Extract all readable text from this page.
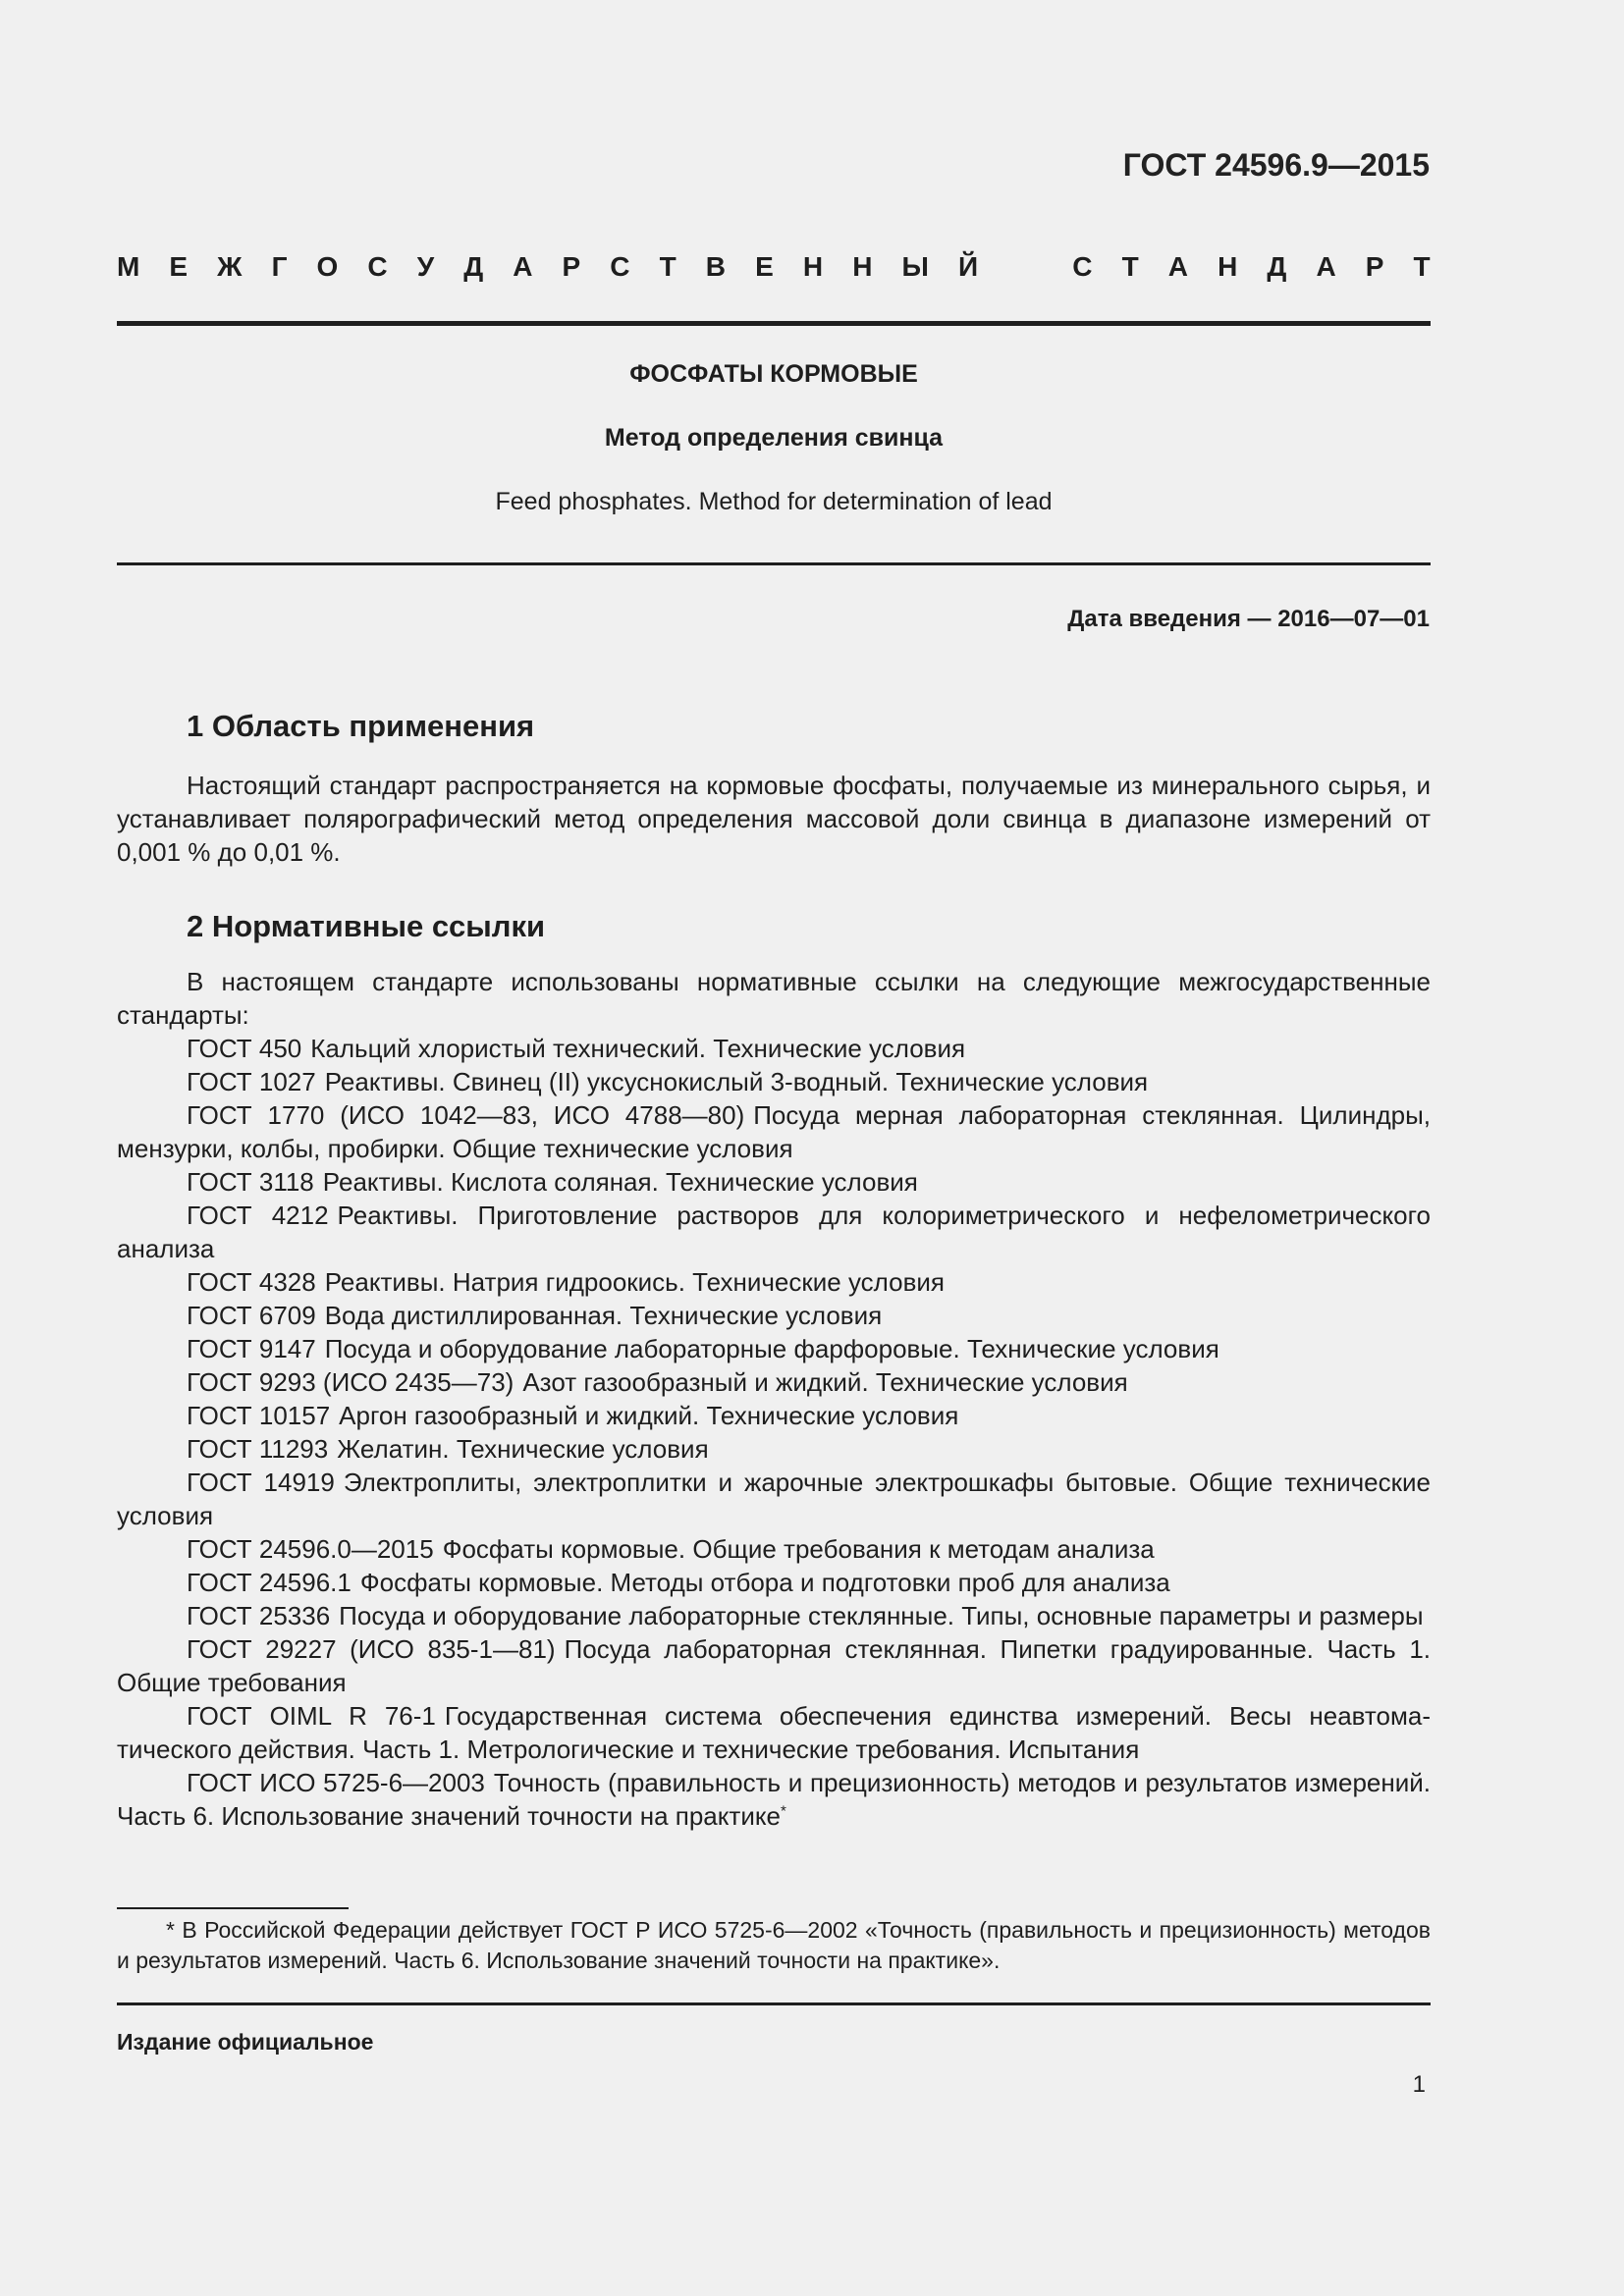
ГОСТ 24596.9—2015
М Е Ж Г О С У Д А Р С Т В Е Н Н Ы Й	С Т А Н Д А Р Т
ФОСФАТЫ КОРМОВЫЕ
Метод определения свинца
Feed phosphates. Method for determination of lead
Дата введения — 2016—07—01
1 Область применения
Настоящий стандарт распространяется на кормовые фосфаты, получаемые из минерального сырья, и устанавливает полярографический метод определения массовой доли свинца в диапазоне измерений от 0,001 % до 0,01 %.
2 Нормативные ссылки
В настоящем стандарте использованы нормативные ссылки на следующие межгосударственные стандарты:

ГОСТ 450 Кальций хлористый технический. Технические условия

ГОСТ 1027 Реактивы. Свинец (II) уксуснокислый 3-водный. Технические условия

ГОСТ 1770 (ИСО 1042—83, ИСО 4788—80) Посуда мерная лабораторная стеклянная. Цилиндры, мензурки, колбы, пробирки. Общие технические условия

ГОСТ 3118 Реактивы. Кислота соляная. Технические условия

ГОСТ 4212 Реактивы. Приготовление растворов для колориметрического и нефелометрического анализа

ГОСТ 4328 Реактивы. Натрия гидроокись. Технические условия

ГОСТ 6709 Вода дистиллированная. Технические условия

ГОСТ 9147 Посуда и оборудование лабораторные фарфоровые. Технические условия

ГОСТ 9293 (ИСО 2435—73) Азот газообразный и жидкий. Технические условия

ГОСТ 10157 Аргон газообразный и жидкий. Технические условия

ГОСТ 11293 Желатин. Технические условия

ГОСТ 14919 Электроплиты, электроплитки и жарочные электрошкафы бытовые. Общие технические условия

ГОСТ 24596.0—2015 Фосфаты кормовые. Общие требования к методам анализа

ГОСТ 24596.1 Фосфаты кормовые. Методы отбора и подготовки проб для анализа

ГОСТ 25336 Посуда и оборудование лабораторные стеклянные. Типы, основные параметры и размеры

ГОСТ 29227 (ИСО 835-1—81) Посуда лабораторная стеклянная. Пипетки градуированные. Часть 1. Общие требования

ГОСТ OIML R 76-1 Государственная система обеспечения единства измерений. Весы неавтоматического действия. Часть 1. Метрологические и технические требования. Испытания

ГОСТ ИСО 5725-6—2003 Точность (правильность и прецизионность) методов и результатов измерений. Часть 6. Использование значений точности на практике*

* В Российской Федерации действует ГОСТ Р ИСО 5725-6—2002 «Точность (правильность и прецизионность) методов и результатов измерений. Часть 6. Использование значений точности на практике».
Издание официальное
1
